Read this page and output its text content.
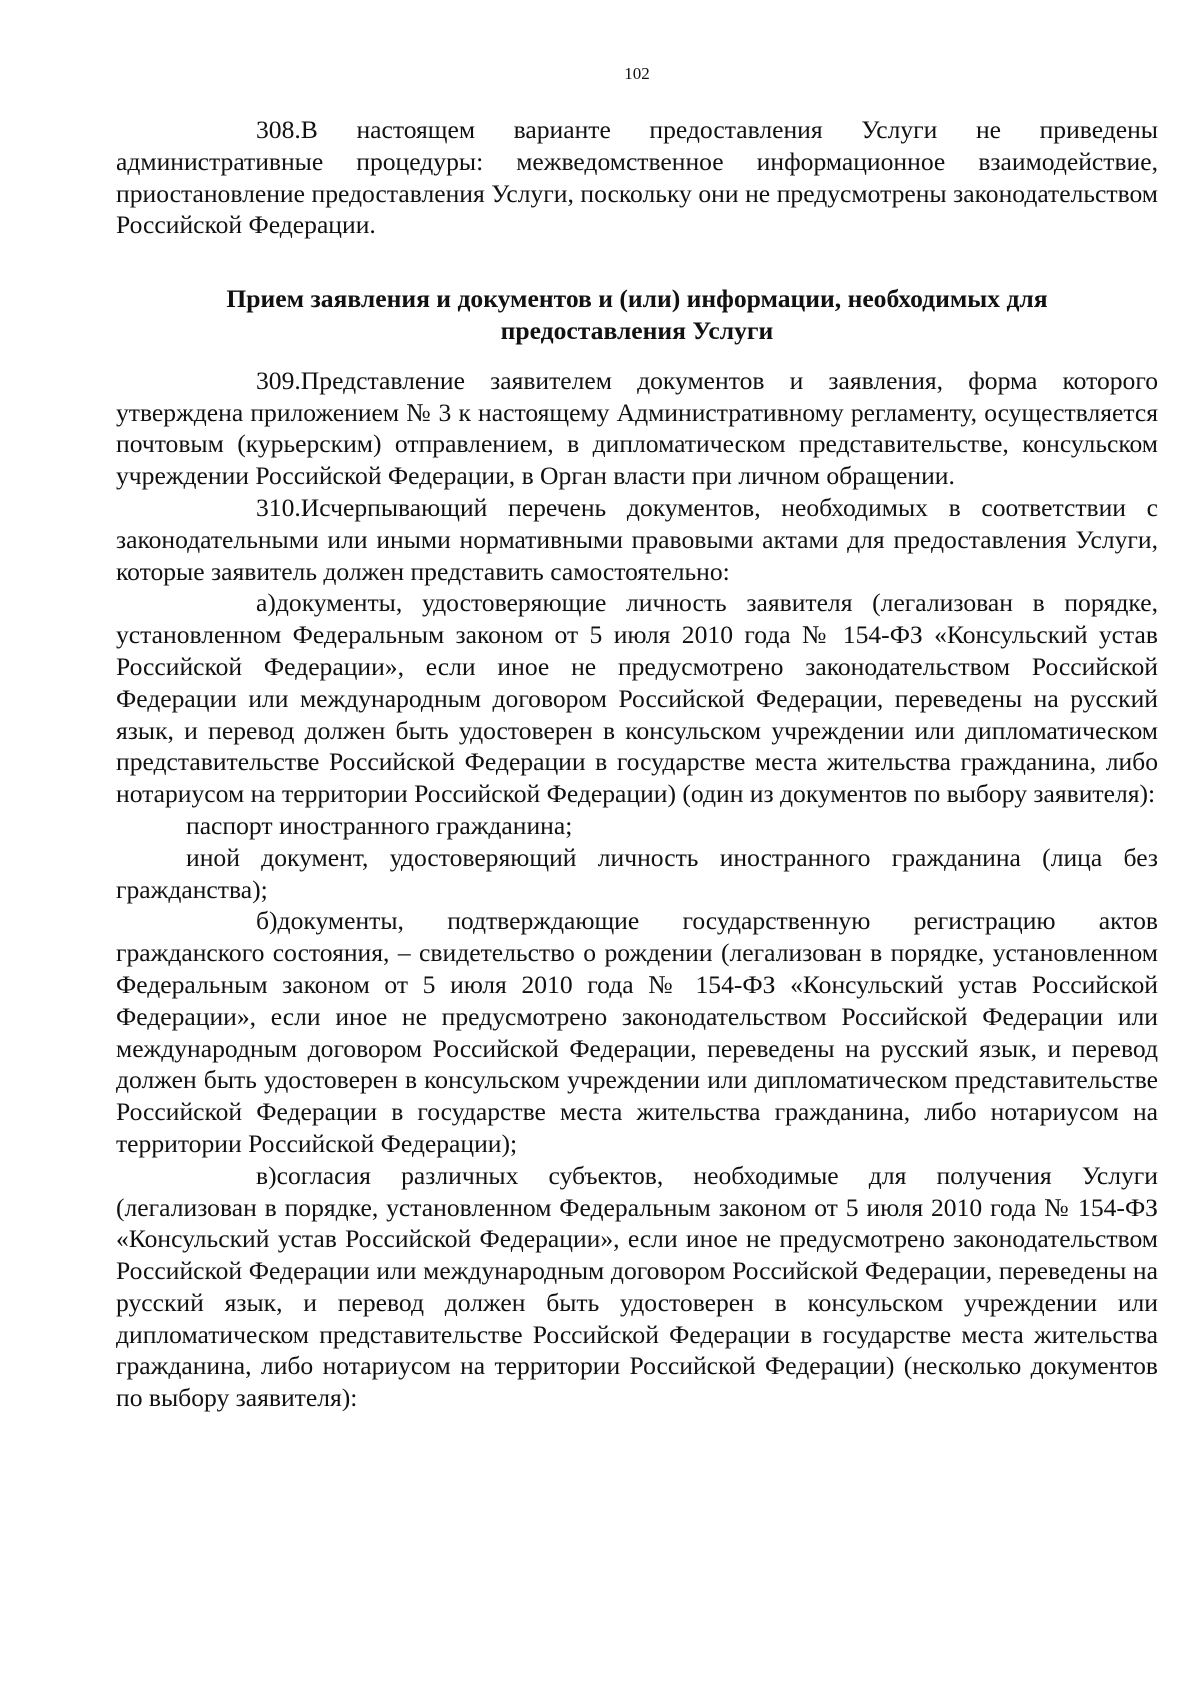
102

308.В настоящем варианте предоставления Услуги не приведены административные процедуры: межведомственное информационное взаимодействие, приостановление предоставления Услуги, поскольку они не предусмотрены законодательством Российской Федерации.

Прием заявления и документов и (или) информации, необходимых для
предоставления Услуги

309.Представление заявителем документов и заявления, форма которого утверждена приложением № 3 к настоящему Административному регламенту, осуществляется почтовым (курьерским) отправлением, в дипломатическом представительстве, консульском учреждении Российской Федерации, в Орган власти при личном обращении.

310.Исчерпывающий перечень документов, необходимых в соответствии с законодательными или иными нормативными правовыми актами для предоставления Услуги, которые заявитель должен представить самостоятельно:

а)документы, удостоверяющие личность заявителя (легализован в порядке, установленном Федеральным законом от 5 июля 2010 года № 154-ФЗ «Консульский устав Российской Федерации», если иное не предусмотрено законодательством Российской Федерации или международным договором Российской Федерации, переведены на русский язык, и перевод должен быть удостоверен в консульском учреждении или дипломатическом представительстве Российской Федерации в государстве места жительства гражданина, либо нотариусом на территории Российской Федерации) (один из документов по выбору заявителя):

паспорт иностранного гражданина;

иной документ, удостоверяющий личность иностранного гражданина (лица без гражданства);

б)документы, подтверждающие государственную регистрацию актов гражданского состояния, – свидетельство о рождении (легализован в порядке, установленном Федеральным законом от 5 июля 2010 года № 154-ФЗ «Консульский устав Российской Федерации», если иное не предусмотрено законодательством Российской Федерации или международным договором Российской Федерации, переведены на русский язык, и перевод должен быть удостоверен в консульском учреждении или дипломатическом представительстве Российской Федерации в государстве места жительства гражданина, либо нотариусом на территории Российской Федерации);

в)согласия различных субъектов, необходимые для получения Услуги (легализован в порядке, установленном Федеральным законом от 5 июля 2010 года № 154-ФЗ «Консульский устав Российской Федерации», если иное не предусмотрено законодательством Российской Федерации или международным договором Российской Федерации, переведены на русский язык, и перевод должен быть удостоверен в консульском учреждении или дипломатическом представительстве Российской Федерации в государстве места жительства гражданина, либо нотариусом на территории Российской Федерации) (несколько документов по выбору заявителя):
